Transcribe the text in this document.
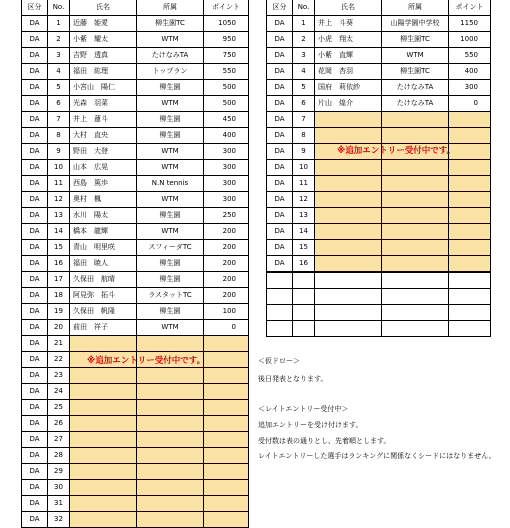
区分	No.	氏名	所属	ポイント
DA	1	近藤　姫愛	柳生園TC	1050
DA	2	小紫　耀太	WTM	950
DA	3	吉野　透真	たけなみTA	750
DA	4	福田　紘理	トップラン	550
DA	5	小宮山　陽仁	柳生園	500
DA	6	光森　羽菜	WTM	500
DA	7	井上　蓮斗	柳生園	450
DA	8	大村　直央	柳生園	400
DA	9	野田　大登	WTM	300
DA	10	山本　広晃	WTM	300
DA	11	西島　篤歩	N.N tennis	300
DA	12	奥村　楓	WTM	300
DA	13	水川　陽太	柳生園	250
DA	14	橋本　龍輝	WTM	200
DA	15	青山　明里咲	スフィーダTC	200
DA	16	福田　暁人	柳生園	200
DA	17	久保田　航晴	柳生園	200
DA	18	阿見弥　拓斗	ラスタットTC	200
DA	19	久保田　帆隆	柳生園	100
DA	20	前田　祥子	WTM	0
DA	21			
DA	22			
DA	23			
DA	24			
DA	25			
DA	26			
DA	27			
DA	28			
DA	29			
DA	30			
DA	31			
DA	32			
区分	No.	氏名	所属	ポイント
DA	1	井上　斗葵	山陽学園中学校	1150
DA	2	小虎　翔太	柳生園TC	1000
DA	3	小紫　直輝	WTM	550
DA	4	花岡　杏羽	柳生園TC	400
DA	5	国府　莉依紗	たけなみTA	300
DA	6	片山　煌介	たけなみTA	0
DA	7			
DA	8			
DA	9			
DA	10			
DA	11			
DA	12			
DA	13			
DA	14			
DA	15			
DA	16			

※追加エントリー受付中です。
※追加エントリー受付中です。
＜仮ドロー＞
後日発表となります。
＜レイトエントリー受付中＞
追加エントリーを受け付けます。
受付数は表の通りとし、先着順とします。
レイトエントリーした選手はランキングに関係なくシードにはなりません。
